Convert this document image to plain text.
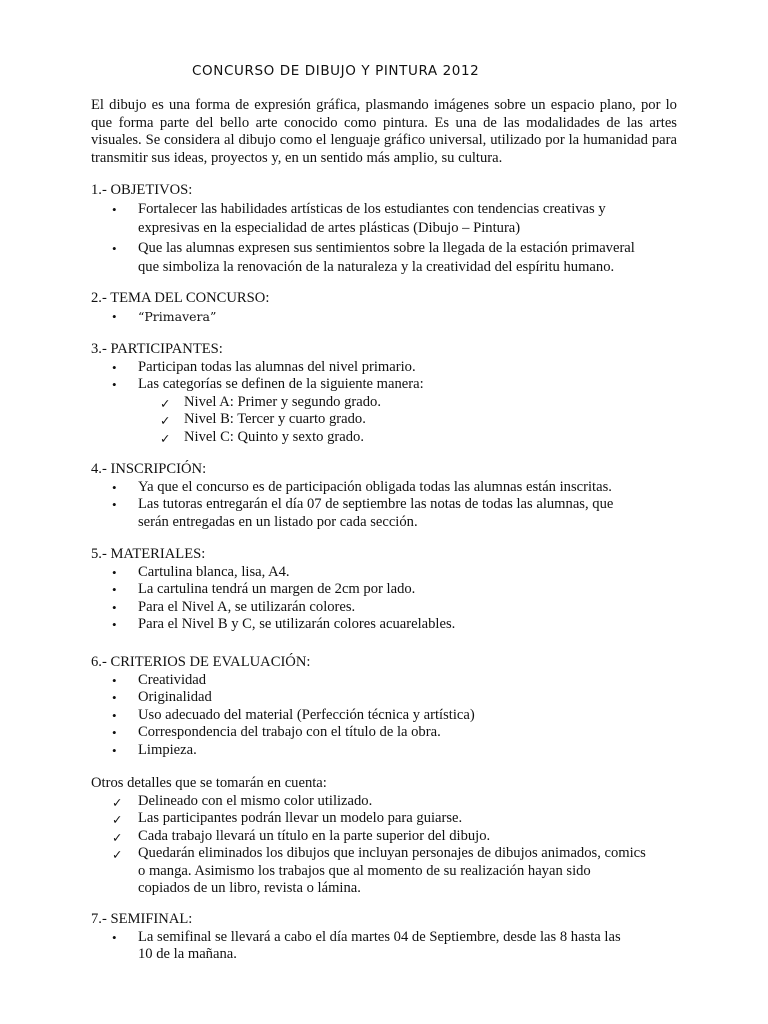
CONCURSO DE DIBUJO Y PINTURA 2012

El dibujo es una forma de expresión gráfica, plasmando imágenes sobre un espacio plano, por lo que forma parte del bello arte conocido como pintura. Es una de las modalidades de las artes visuales. Se considera al dibujo como el lenguaje gráfico universal, utilizado por la humanidad para transmitir sus ideas, proyectos y, en un sentido más amplio, su cultura.

1.- OBJETIVOS:
• Fortalecer las habilidades artísticas de los estudiantes con tendencias creativas y
expresivas en la especialidad de artes plásticas (Dibujo – Pintura)
• Que las alumnas expresen sus sentimientos sobre la llegada de la estación primaveral
que simboliza la renovación de la naturaleza y la creatividad del espíritu humano.
2.- TEMA DEL CONCURSO:
• “Primavera”
3.- PARTICIPANTES:
• Participan todas las alumnas del nivel primario.
• Las categorías se definen de la siguiente manera:
✓ Nivel A: Primer y segundo grado.
✓ Nivel B: Tercer y cuarto grado.
✓ Nivel C: Quinto y sexto grado.
4.- INSCRIPCIÓN:
• Ya que el concurso es de participación obligada todas las alumnas están inscritas.
• Las tutoras entregarán el día 07 de septiembre las notas de todas las alumnas, que
serán entregadas en un listado por cada sección.
5.- MATERIALES:
• Cartulina blanca, lisa, A4.
• La cartulina tendrá un margen de 2cm por lado.
• Para el Nivel A, se utilizarán colores.
• Para el Nivel B y C, se utilizarán colores acuarelables.
6.- CRITERIOS DE EVALUACIÓN:
• Creatividad
• Originalidad
• Uso adecuado del material (Perfección técnica y artística)
• Correspondencia del trabajo con el título de la obra.
• Limpieza.
Otros detalles que se tomarán en cuenta:
✓ Delineado con el mismo color utilizado.
✓ Las participantes podrán llevar un modelo para guiarse.
✓ Cada trabajo llevará un título en la parte superior del dibujo.
✓ Quedarán eliminados los dibujos que incluyan personajes de dibujos animados, comics
o manga. Asimismo los trabajos que al momento de su realización hayan sido
copiados de un libro, revista o lámina.
7.- SEMIFINAL:
• La semifinal se llevará a cabo el día martes 04 de Septiembre, desde las 8 hasta las
10 de la mañana.
